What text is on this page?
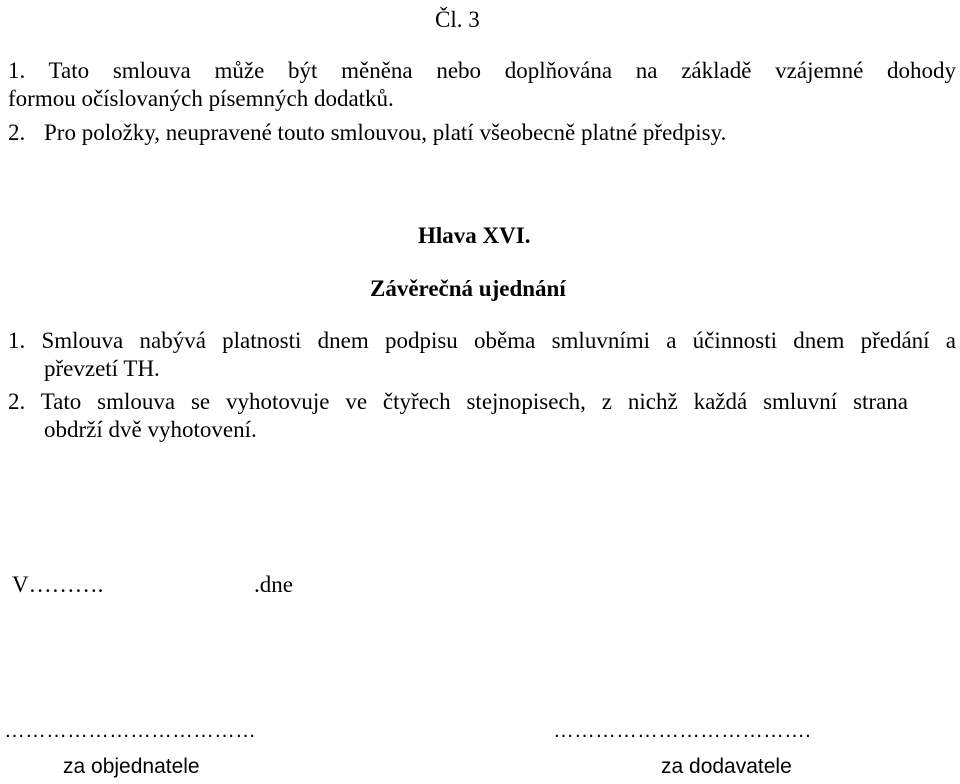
Čl. 3
1. Tato smlouva může být měněna nebo doplňována na základě vzájemné dohody
formou očíslovaných písemných dodatků.
2. Pro položky, neupravené touto smlouvou, platí všeobecně platné předpisy.
Hlava XVI.
Závěrečná ujednání
1. Smlouva nabývá platnosti dnem podpisu oběma smluvními a účinnosti dnem předání a
převzetí TH.
2. Tato smlouva se vyhotovuje ve čtyřech stejnopisech, z nichž každá smluvní strana
obdrží dvě vyhotovení.
V……….	.dne
………………………………	……………………………….
za objednatele	za dodavatele
